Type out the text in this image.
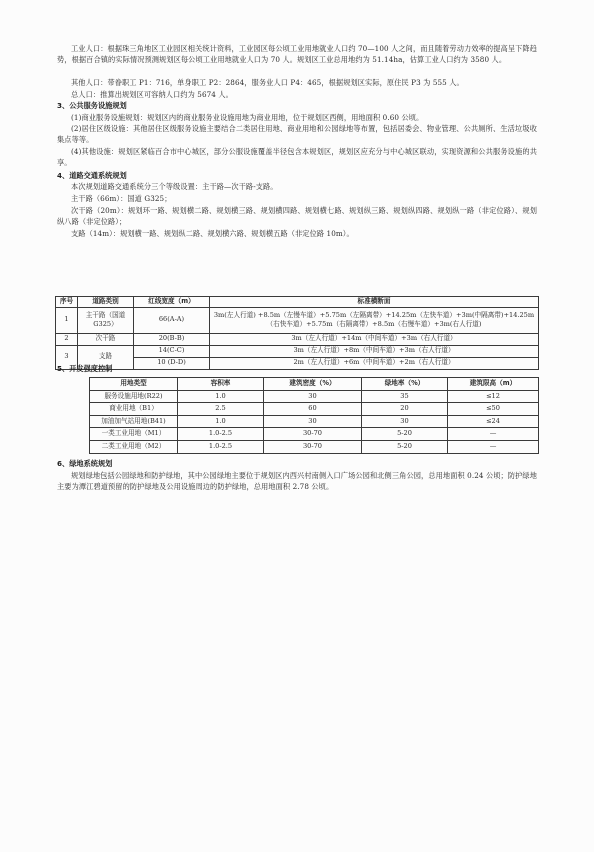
工业人口：根据珠三角地区工业园区相关统计资料，工业园区每公顷工业用地就业人口约 70—100 人之间，而且随着劳动力效率的提高呈下降趋势，根据百合镇的实际情况预测规划区每公顷工业用地就业人口为 70 人。规划区工业总用地约为 51.14ha，估算工业人口约为 3580 人。
其他人口：带眷职工 P1：716，单身职工 P2：2864，服务业人口 P4：465，根据规划区实际，原住民 P3 为 555 人。
总人口：推算出规划区可容纳人口约为 5674 人。
3、公共服务设施规划
(1)商业服务设施规划：规划区内的商业服务业设施用地为商业用地，位于规划区西侧，用地面积 0.60 公顷。
(2)居住区级设施：其他居住区级服务设施主要结合二类居住用地、商业用地和公园绿地等布置，包括居委会、物业管理、公共厕所、生活垃圾收集点等等。
(4)其他设施：规划区紧临百合市中心城区，部分公服设施覆盖半径包含本规划区，规划区应充分与中心城区联动，实现资源和公共服务设施的共享。
4、道路交通系统规划
本次规划道路交通系统分三个等级设置：主干路—次干路-支路。
主干路（66m）：国道 G325；
次干路（20m）：规划环一路、规划横二路、规划横三路、规划横四路、规划横七路、规划纵三路、规划纵四路、规划纵一路（非定位路）、规划纵八路（非定位路）；
支路（14m）：规划横一路、规划纵二路、规划横六路、规划横五路（非定位路 10m）。
序号	道路类别	红线宽度（m）	标准横断面
1	主干路（国道 G325）	66(A-A)	3m(左人行道) +8.5m（左慢车道）+5.75m（左隔离带）+14.25m（左快车道）+3m(中隔离带)+14.25m（右快车道）+5.75m（右隔离带）+8.5m（右慢车道）+3m(右人行道)
2	次干路	20(B-B)	3m（左人行道）+14m（中间车道）+3m（右人行道）
3	支路	14(C-C)	3m（左人行道）+8m（中间车道）+3m（右人行道）
		10 (D-D)	2m（左人行道）+6m（中间车道）+2m（右人行道）
5、开发强度控制
用地类型	容积率	建筑密度（%）	绿地率（%）	建筑限高（m）
服务设施用地(R22)	1.0	30	35	≤12
商业用地（B1）	2.5	60	20	≤50
加油加气站用地(B41)	1.0	30	30	≤24
一类工业用地（M1）	1.0-2.5	30-70	5-20	—
二类工业用地（M2）	1.0-2.5	30-70	5-20	—
6、绿地系统规划
规划绿地包括公园绿地和防护绿地，其中公园绿地主要位于规划区内西兴村南侧入口广场公园和北侧三角公园，总用地面积 0.24 公顷；防护绿地主要为潭江碧道预留的防护绿地及公用设施周边的防护绿地，总用地面积 2.78 公顷。
